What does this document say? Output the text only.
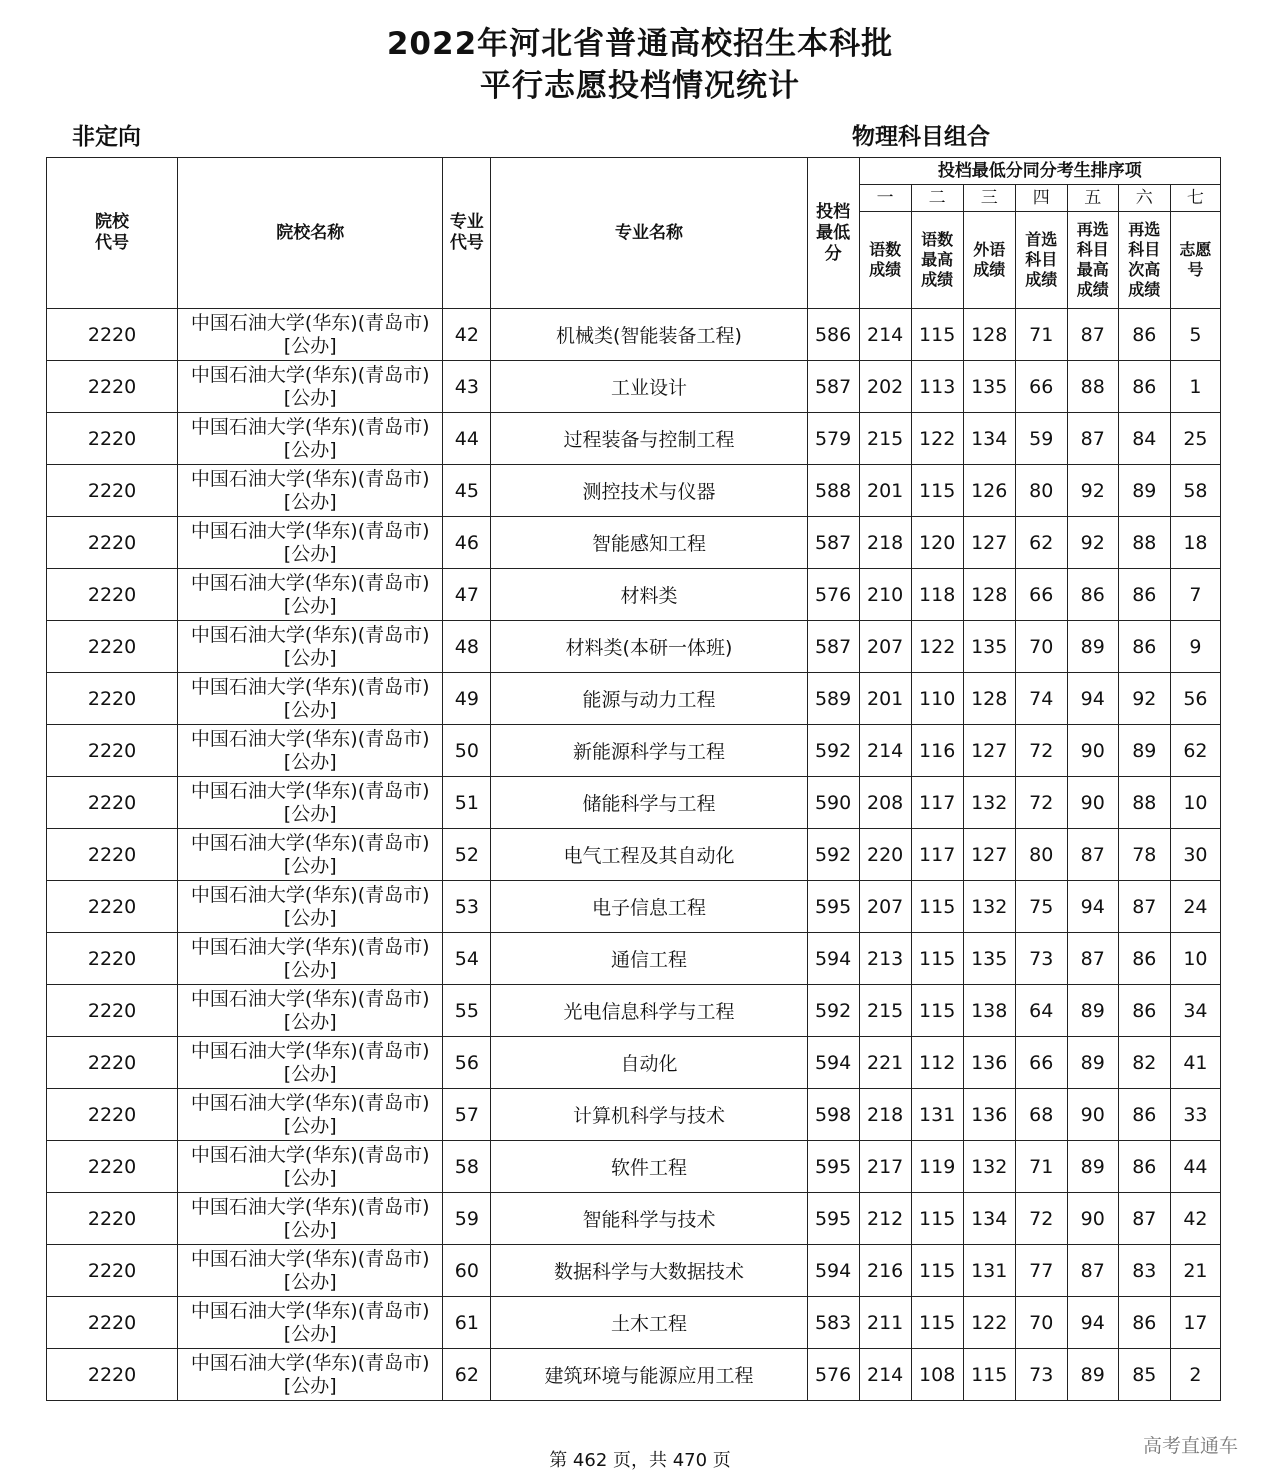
2022年河北省普通高校招生本科批
平行志愿投档情况统计
非定向	物理科目组合
院校代号	院校名称	专业代号	专业名称	投档最低分	投档最低分同分考生排序项						
					一	二	三	四	五	六	七
					语数成绩	语数最高成绩	外语成绩	首选科目成绩	再选科目最高成绩	再选科目次高成绩	志愿号
2220	中国石油大学(华东)(青岛市)[公办]	42	机械类(智能装备工程)	586	214	115	128	71	87	86	5
2220	中国石油大学(华东)(青岛市)[公办]	43	工业设计	587	202	113	135	66	88	86	1
2220	中国石油大学(华东)(青岛市)[公办]	44	过程装备与控制工程	579	215	122	134	59	87	84	25
2220	中国石油大学(华东)(青岛市)[公办]	45	测控技术与仪器	588	201	115	126	80	92	89	58
2220	中国石油大学(华东)(青岛市)[公办]	46	智能感知工程	587	218	120	127	62	92	88	18
2220	中国石油大学(华东)(青岛市)[公办]	47	材料类	576	210	118	128	66	86	86	7
2220	中国石油大学(华东)(青岛市)[公办]	48	材料类(本研一体班)	587	207	122	135	70	89	86	9
2220	中国石油大学(华东)(青岛市)[公办]	49	能源与动力工程	589	201	110	128	74	94	92	56
2220	中国石油大学(华东)(青岛市)[公办]	50	新能源科学与工程	592	214	116	127	72	90	89	62
2220	中国石油大学(华东)(青岛市)[公办]	51	储能科学与工程	590	208	117	132	72	90	88	10
2220	中国石油大学(华东)(青岛市)[公办]	52	电气工程及其自动化	592	220	117	127	80	87	78	30
2220	中国石油大学(华东)(青岛市)[公办]	53	电子信息工程	595	207	115	132	75	94	87	24
2220	中国石油大学(华东)(青岛市)[公办]	54	通信工程	594	213	115	135	73	87	86	10
2220	中国石油大学(华东)(青岛市)[公办]	55	光电信息科学与工程	592	215	115	138	64	89	86	34
2220	中国石油大学(华东)(青岛市)[公办]	56	自动化	594	221	112	136	66	89	82	41
2220	中国石油大学(华东)(青岛市)[公办]	57	计算机科学与技术	598	218	131	136	68	90	86	33
2220	中国石油大学(华东)(青岛市)[公办]	58	软件工程	595	217	119	132	71	89	86	44
2220	中国石油大学(华东)(青岛市)[公办]	59	智能科学与技术	595	212	115	134	72	90	87	42
2220	中国石油大学(华东)(青岛市)[公办]	60	数据科学与大数据技术	594	216	115	131	77	87	83	21
2220	中国石油大学(华东)(青岛市)[公办]	61	土木工程	583	211	115	122	70	94	86	17
2220	中国石油大学(华东)(青岛市)[公办]	62	建筑环境与能源应用工程	576	214	108	115	73	89	85	2
第 462 页，共 470 页
高考直通车
